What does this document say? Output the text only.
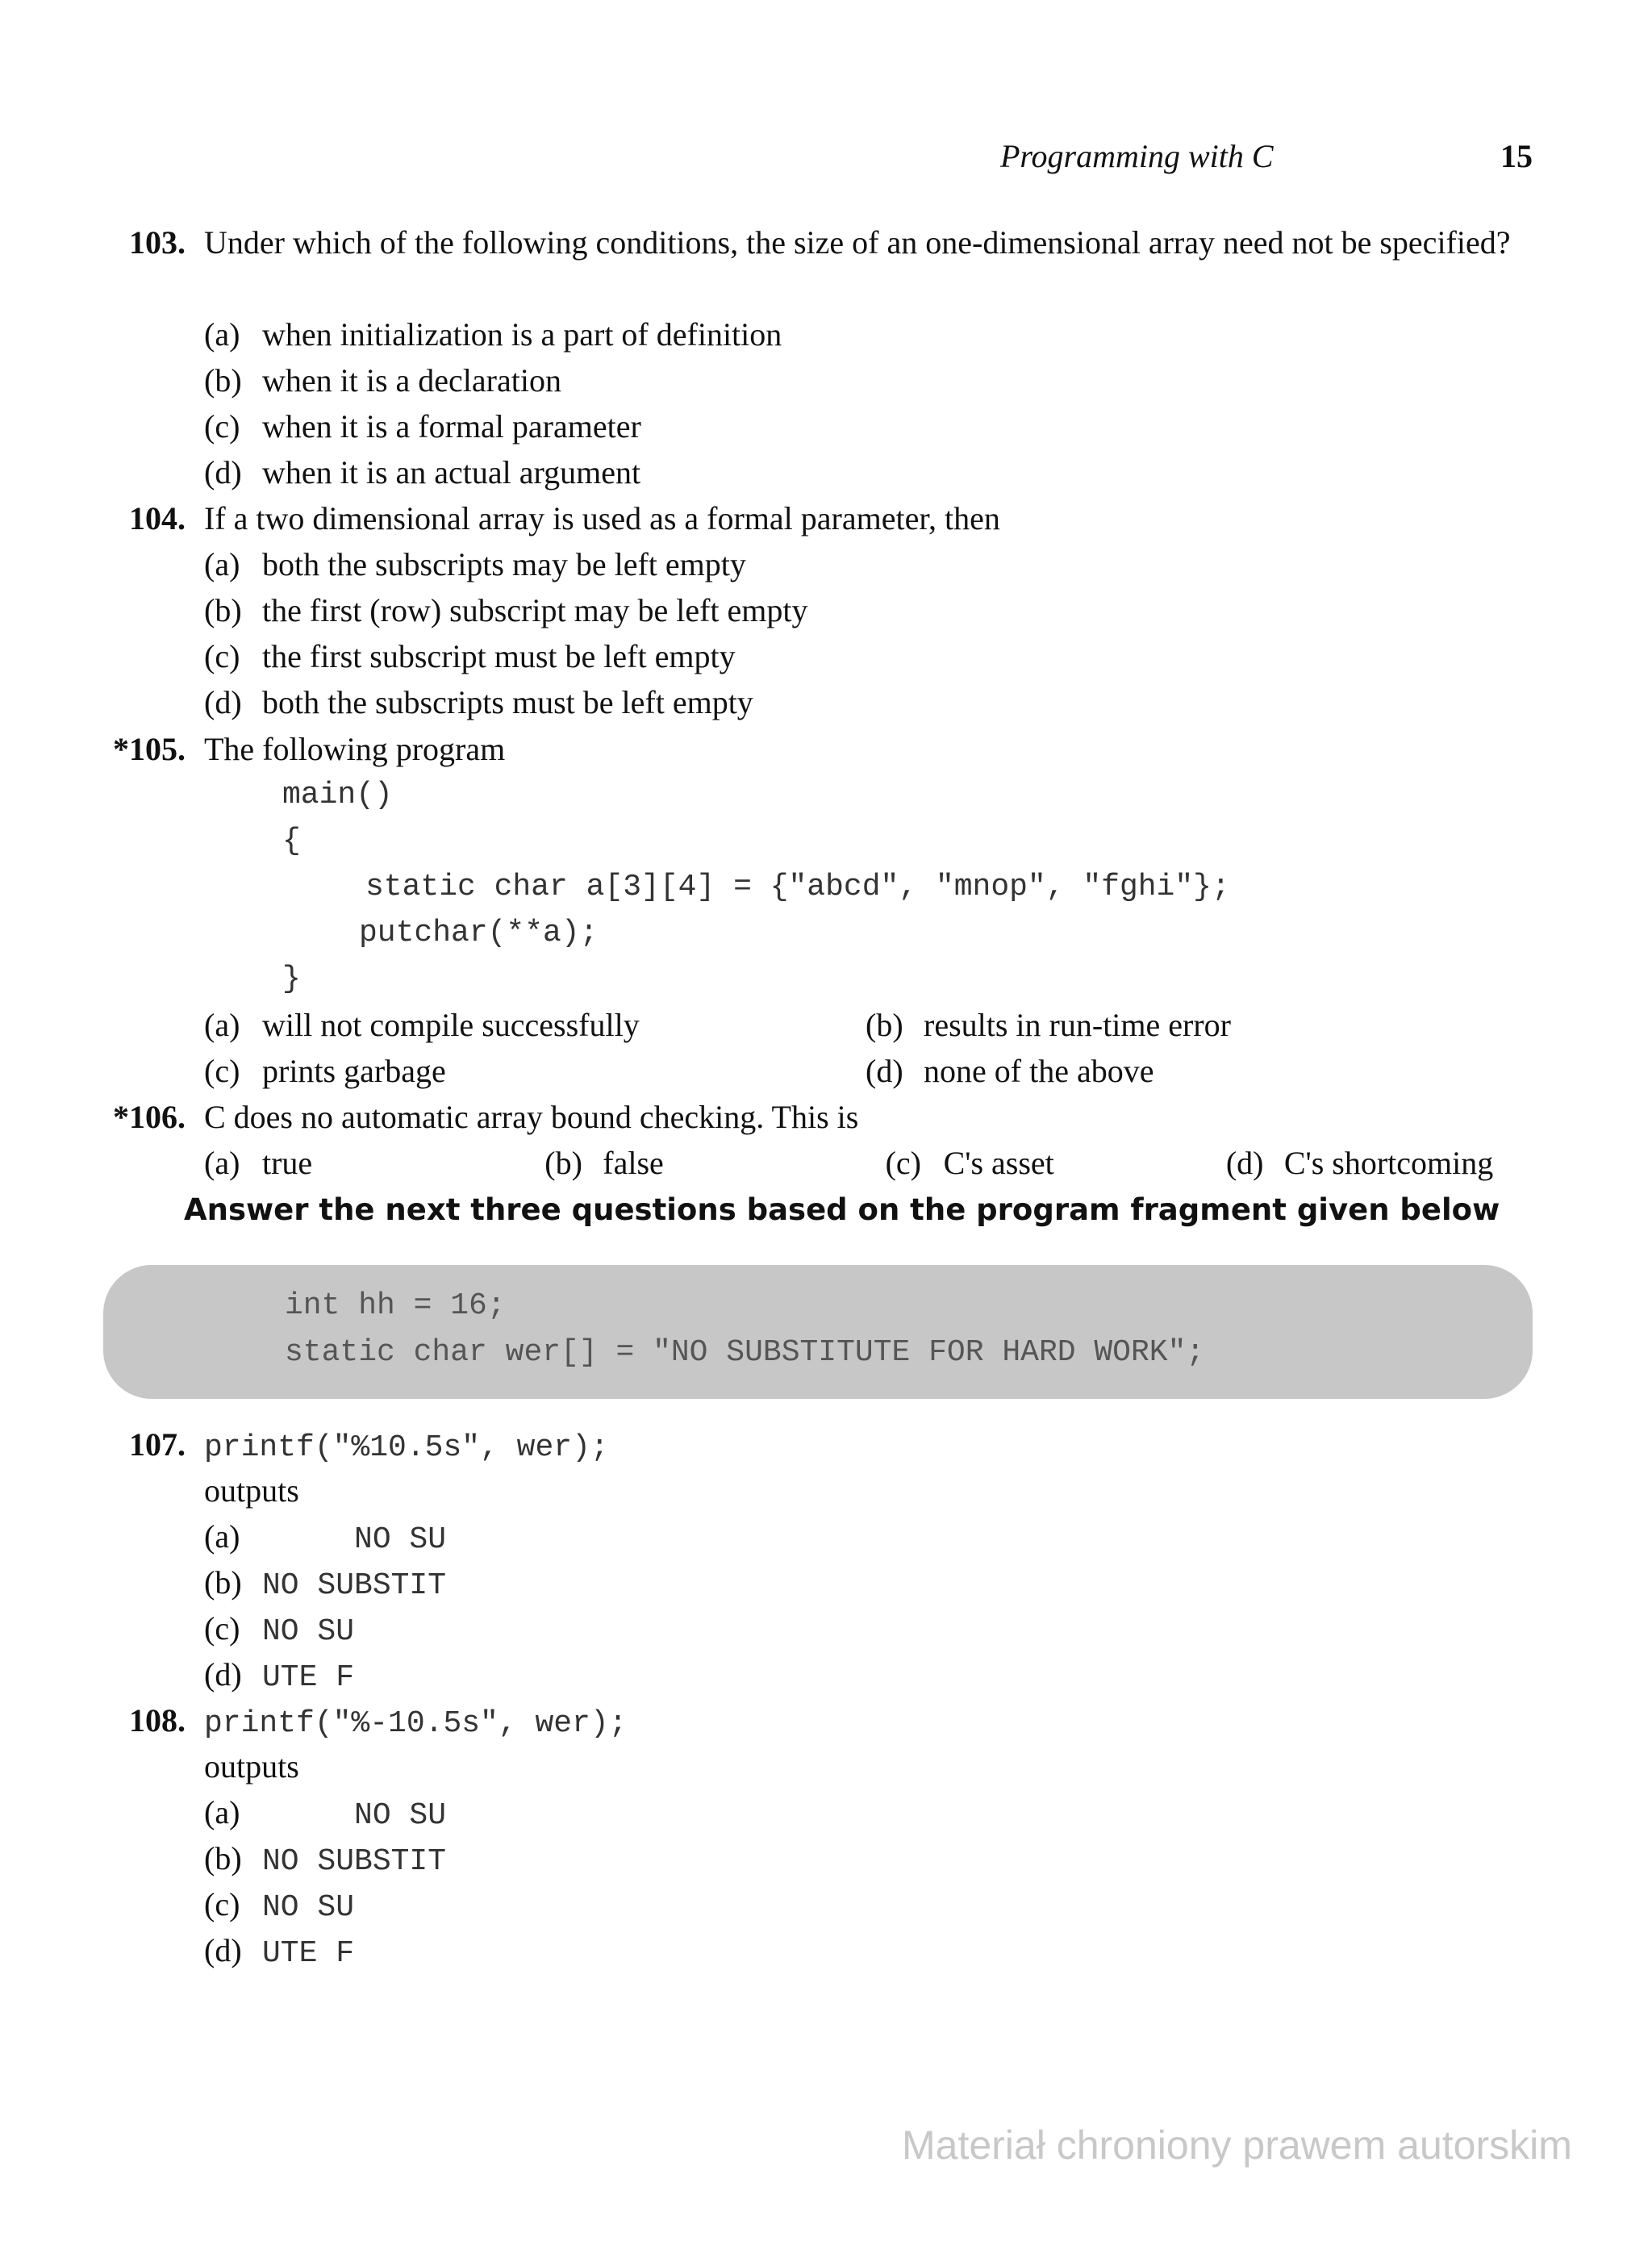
Programming with C	15
103. Under which of the following conditions, the size of an one-dimensional array need not be specified?
(a) when initialization is a part of definition
(b) when it is a declaration
(c) when it is a formal parameter
(d) when it is an actual argument
104. If a two dimensional array is used as a formal parameter, then
(a) both the subscripts may be left empty
(b) the first (row) subscript may be left empty
(c) the first subscript must be left empty
(d) both the subscripts must be left empty
*105. The following program
main()
{
static char a[3][4] = {"abcd", "mnop", "fghi"};
putchar(**a);
}
(a) will not compile successfully	(b) results in run-time error
(c) prints garbage	(d) none of the above
*106. C does no automatic array bound checking. This is
(a) true	(b) false	(c) C's asset	(d) C's shortcoming
Answer the next three questions based on the program fragment given below
int hh = 16;
static char wer[] = "NO SUBSTITUTE FOR HARD WORK";
107. printf("%10.5s", wer);
outputs
(a)     NO SU
(b) NO SUBSTIT
(c) NO SU
(d) UTE F
108. printf("%-10.5s", wer);
outputs
(a)     NO SU
(b) NO SUBSTIT
(c) NO SU
(d) UTE F
Materiał chroniony prawem autorskim
